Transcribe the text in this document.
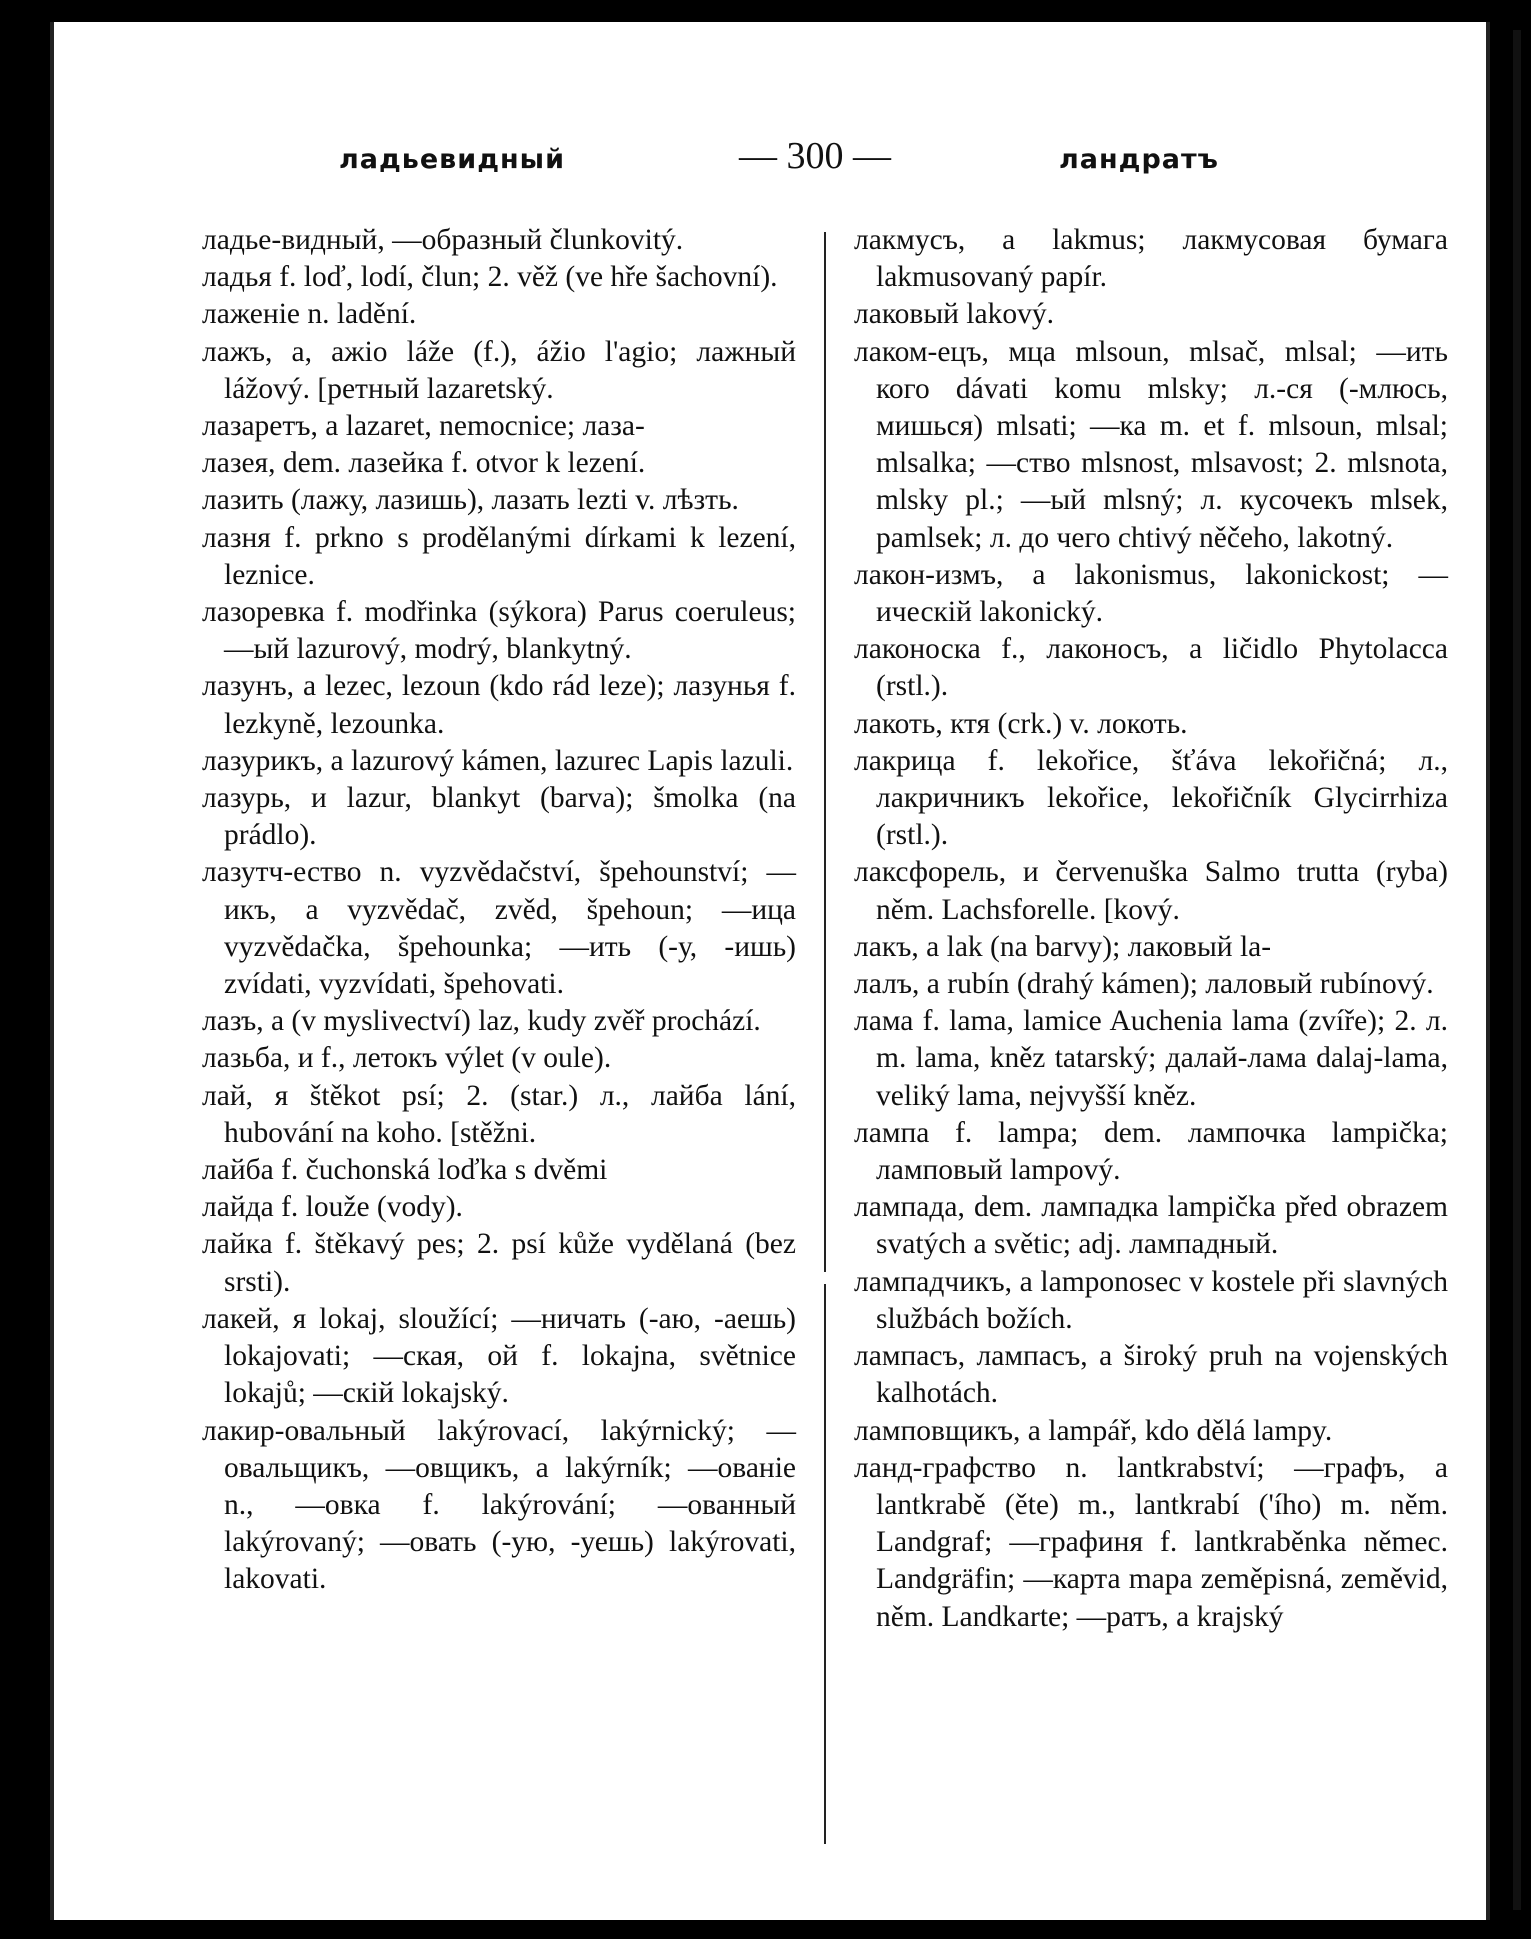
ладьевидный	— 300 —	ландратъ

ладье-видный, —образный člunkovitý.

ладья f. loď, lodí, člun; 2. věž (ve hře šachovní).

лаженіе n. ladění.

лажъ, а, ажio láže (f.), ážio l'agio; лажный lážový. [ретный lazaretský.

лазаретъ, а lazaret, nemocnice; лаза-

лазея, dem. лазейка f. otvor k lezení.

лазить (лажу, лазишь), лазать lezti v. лѣзть.

лазня f. prkno s prodělanými dírkami k lezení, leznice.

лазоревка f. modřinka (sýkora) Parus coeruleus; —ый lazurový, modrý, blankytný.

лазунъ, а lezec, lezoun (kdo rád leze); лазунья f. lezkyně, lezounka.

лазурикъ, а lazurový kámen, lazurec Lapis lazuli.

лазурь, и lazur, blankyt (barva); šmolka (na prádlo).

лазутч-ество n. vyzvědačství, špehounství; —икъ, а vyzvědač, zvěd, špehoun; —ица vyzvědačka, špehounka; —ить (-у, -ишь) zvídati, vyzvídati, špehovati.

лазъ, а (v myslivectví) laz, kudy zvěř prochází.

лазьба, и f., летокъ výlet (v oule).

лай, я štěkot psí; 2. (star.) л., лайба lání, hubování na koho. [stěžni.

лайба f. čuchonská loďka s dvěmi

лайда f. louže (vody).

лайка f. štěkavý pes; 2. psí kůže vydělaná (bez srsti).

лакей, я lokaj, sloužící; —ничать (-аю, -аешь) lokajovati; —ская, ой f. lokajna, světnice lokajů; —скій lokajský.

лакир-овальный lakýrovací, lakýrnický; —овальщикъ, —овщикъ, а lakýrník; —ованіе n., —овка f. lakýrování; —ованный lakýrovaný; —овать (-ую, -уешь) lakýrovati, lakovati.

лакмусъ, а lakmus; лакмусовая бумага lakmusovaný papír.

лаковый lakový.

лаком-ецъ, мца mlsoun, mlsač, mlsal; —ить кого dávati komu mlsky; л.-ся (-млюсь, мишься) mlsati; —ка m. et f. mlsoun, mlsal; mlsalka; —ство mlsnost, mlsavost; 2. mlsnota, mlsky pl.; —ый mlsný; л. кусочекъ mlsek, pamlsek; л. до чего chtivý něčeho, lakotný.

лакон-измъ, а lakonismus, lakonickost; —ическій lakonický.

лаконоска f., лаконосъ, а ličidlo Phytolacca (rstl.).

лакоть, ктя (crk.) v. локоть.

лакрица f. lekořice, šťáva lekořičná; л., лакричникъ lekořice, lekořičník Glycirrhiza (rstl.).

лаксфорель, и červenuška Salmo trutta (ryba) něm. Lachsforelle. [kový.

лакъ, а lak (na barvy); лаковый la-

лалъ, а rubín (drahý kámen); лаловый rubínový.

лама f. lama, lamice Auchenia lama (zvíře); 2. л. m. lama, kněz tatarský; далай-лама dalaj-lama, veliký lama, nejvyšší kněz.

лампа f. lampa; dem. лампочка lampička; ламповый lampový.

лампада, dem. лампадка lampička před obrazem svatých a světic; adj. лампадный.

лампадчикъ, а lamponosec v kostele při slavných službách božích.

лампасъ, лампасъ, а široký pruh na vojenských kalhotách.

ламповщикъ, а lampář, kdo dělá lampy.

ланд-графство n. lantkrabství; —графъ, а lantkrabě (ěte) m., lantkrabí ('ího) m. něm. Landgraf; —графиня f. lantkraběnka němec. Landgräfin; —карта mapa zeměpisná, zeměvid, něm. Landkarte; —ратъ, а krajský
